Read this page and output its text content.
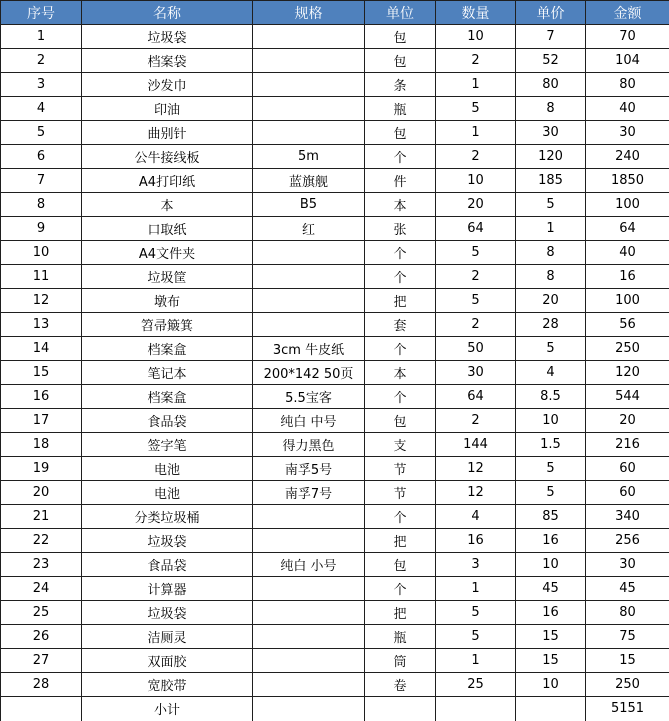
序号	名称	规格	单位	数量	单价	金额
1	垃圾袋		包	10	7	70
2	档案袋		包	2	52	104
3	沙发巾		条	1	80	80
4	印油		瓶	5	8	40
5	曲别针		包	1	30	30
6	公牛接线板	5m	个	2	120	240
7	A4打印纸	蓝旗舰	件	10	185	1850
8	本	B5	本	20	5	100
9	口取纸	红	张	64	1	64
10	A4文件夹		个	5	8	40
11	垃圾筐		个	2	8	16
12	墩布		把	5	20	100
13	笤帚簸箕		套	2	28	56
14	档案盒	3cm 牛皮纸	个	50	5	250
15	笔记本	200*142 50页	本	30	4	120
16	档案盒	5.5宝客	个	64	8.5	544
17	食品袋	纯白 中号	包	2	10	20
18	签字笔	得力黑色	支	144	1.5	216
19	电池	南孚5号	节	12	5	60
20	电池	南孚7号	节	12	5	60
21	分类垃圾桶		个	4	85	340
22	垃圾袋		把	16	16	256
23	食品袋	纯白 小号	包	3	10	30
24	计算器		个	1	45	45
25	垃圾袋		把	5	16	80
26	洁厕灵		瓶	5	15	75
27	双面胶		筒	1	15	15
28	宽胶带		卷	25	10	250
	小计					5151
